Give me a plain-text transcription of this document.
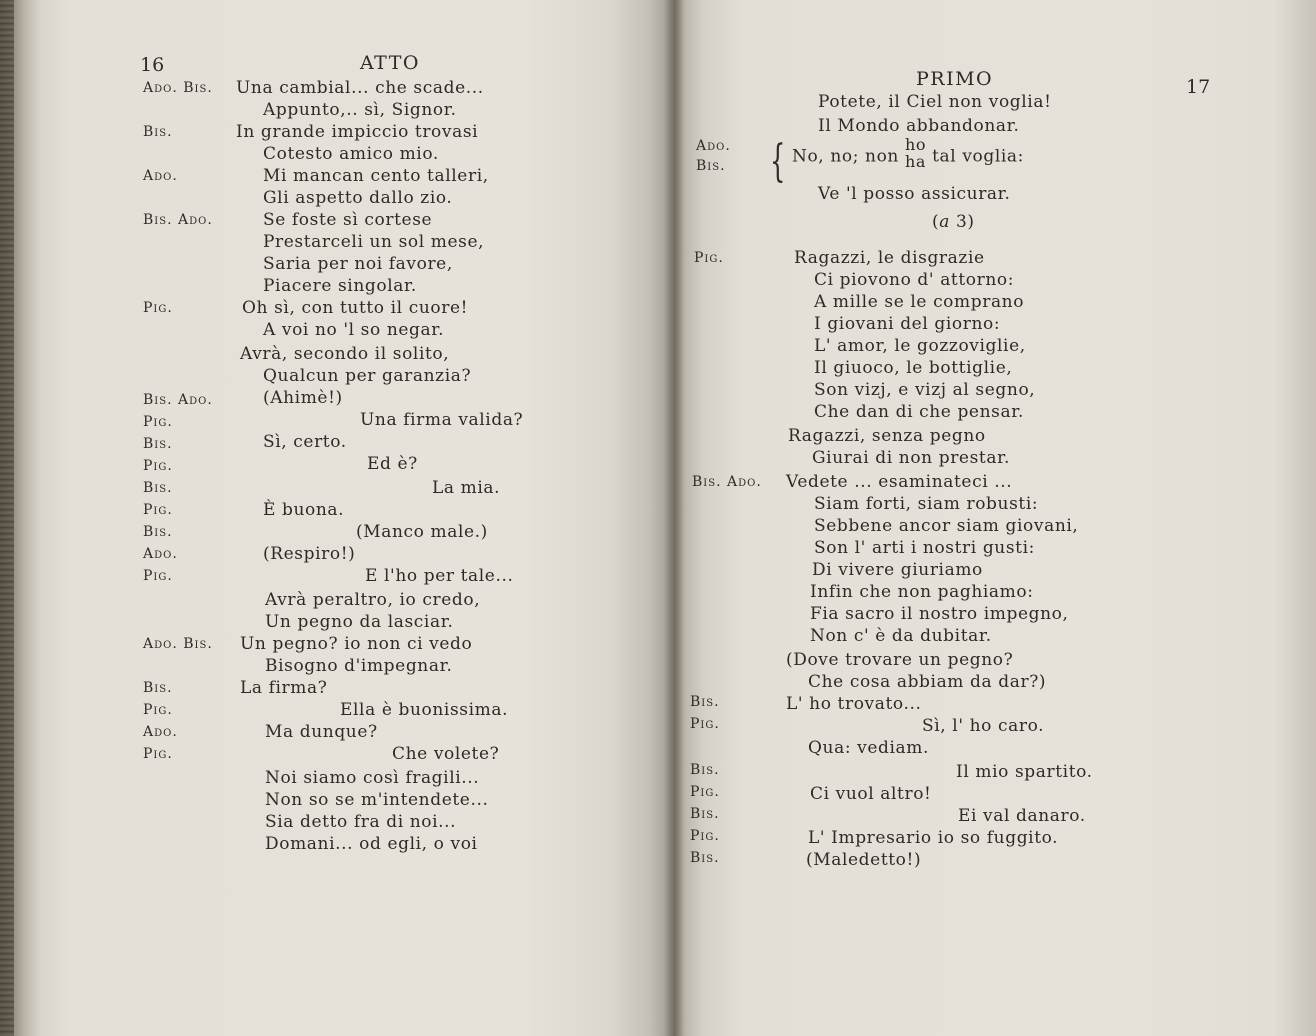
16	ATTO
Ado. Bis.
Bis.
Ado.
Bis. Ado.
Pig.
Bis. Ado.
Pig.
Bis.
Pig.
Bis.
Pig.
Bis.
Ado.
Pig.
Ado. Bis.
Bis.
Pig.
Ado.
Pig.
Una cambial... che scade...
Appunto,.. sì, Signor.
In grande impiccio trovasi
Cotesto amico mio.
Mi mancan cento talleri,
Gli aspetto dallo zio.
Se foste sì cortese
Prestarceli un sol mese,
Saria per noi favore,
Piacere singolar.
Oh sì, con tutto il cuore!
A voi no 'l so negar.
Avrà, secondo il solito,
Qualcun per garanzia?
(Ahimè!)
Una firma valida?
Sì, certo.
Ed è?
La mia.
È buona.
(Manco male.)
(Respiro!)
E l'ho per tale...
Avrà peraltro, io credo,
Un pegno da lasciar.
Un pegno? io non ci vedo
Bisogno d'impegnar.
La firma?
Ella è buonissima.
Ma dunque?
Che volete?
Noi siamo così fragili...
Non so se m'intendete...
Sia detto fra di noi...
Domani... od egli, o voi
PRIMO	17
Potete, il Ciel non voglia!
Il Mondo abbandonar.
Ado.
Bis. { No, no; non
ho
ha tal voglia:
Ve 'l posso assicurar.
(a 3)
Pig.
Bis. Ado.
Bis.
Pig.
Bis.
Pig.
Bis.
Pig.
Bis.
Ragazzi, le disgrazie
Ci piovono d' attorno:
A mille se le comprano
I giovani del giorno:
L' amor, le gozzoviglie,
Il giuoco, le bottiglie,
Son vizj, e vizj al segno,
Che dan di che pensar.
Ragazzi, senza pegno
Giurai di non prestar.
Vedete ... esaminateci ...
Siam forti, siam robusti:
Sebbene ancor siam giovani,
Son l' arti i nostri gusti:
Di vivere giuriamo
Infin che non paghiamo:
Fia sacro il nostro impegno,
Non c' è da dubitar.
(Dove trovare un pegno?
Che cosa abbiam da dar?)
L' ho trovato...
Sì, l' ho caro.
Qua: vediam.
Il mio spartito.
Ci vuol altro!
Ei val danaro.
L' Impresario io so fuggito.
(Maledetto!)
